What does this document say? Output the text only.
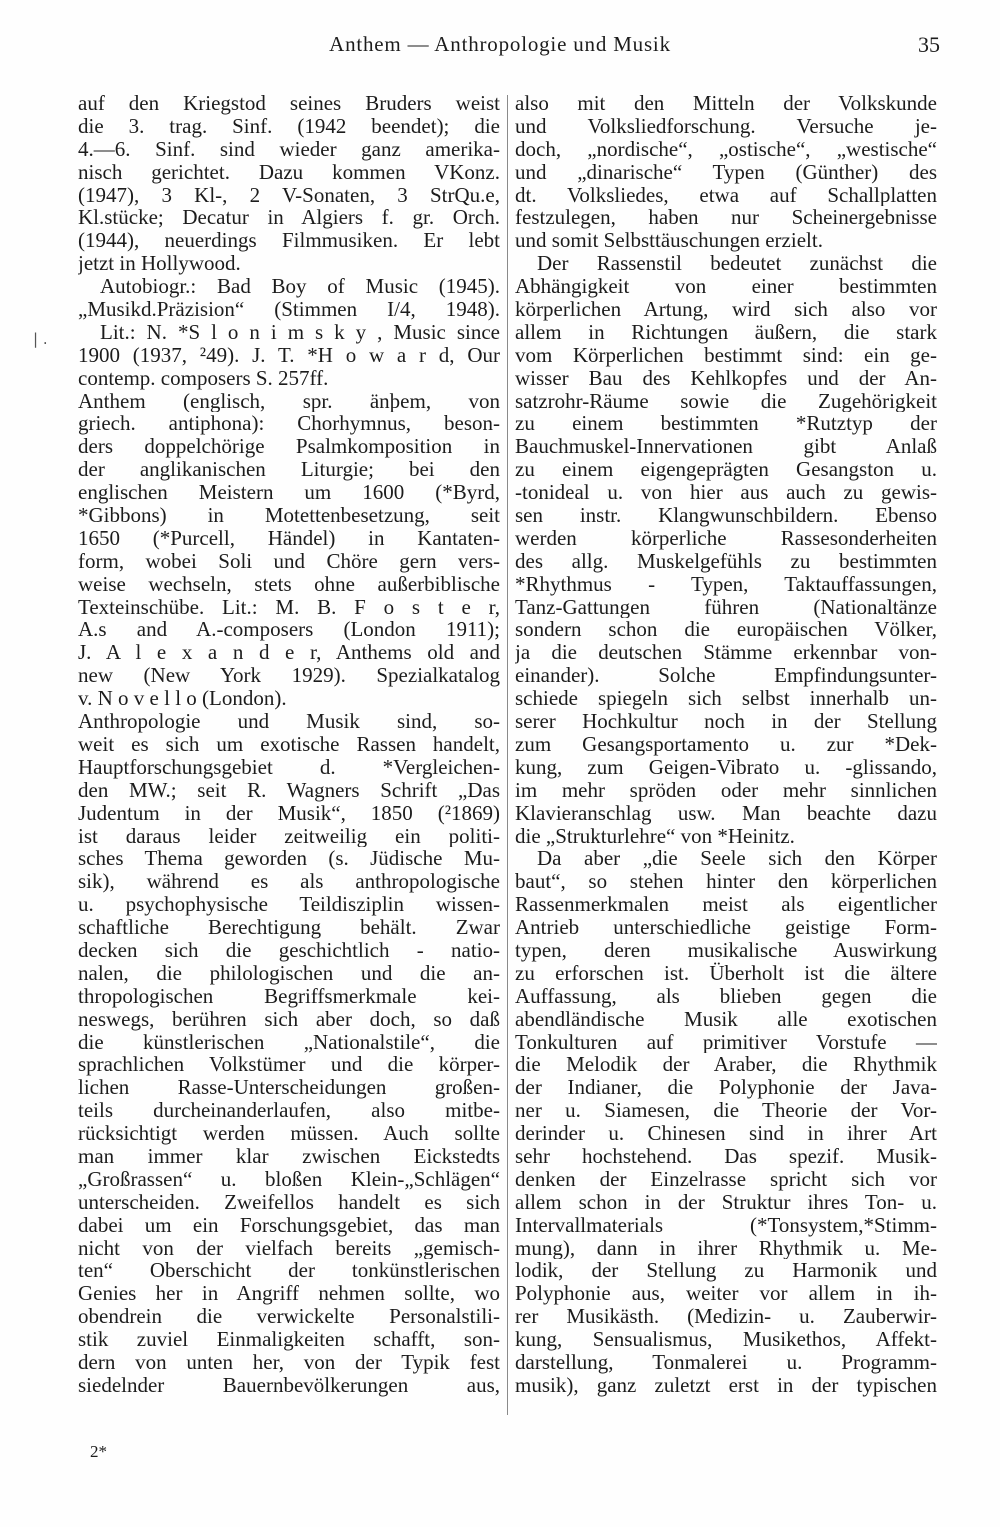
Anthem — Anthropologie und Musik	35
| .
auf den Kriegstod seines Bruders weist
die 3. trag. Sinf. (1942 beendet); die
4.—6. Sinf. sind wieder ganz amerika-
nisch gerichtet. Dazu kommen VKonz.
(1947), 3 Kl-, 2 V-Sonaten, 3 StrQu.e,
Kl.stücke; Decatur in Algiers f. gr. Orch.
(1944), neuerdings Filmmusiken. Er lebt
jetzt in Hollywood.
Autobiogr.: Bad Boy of Music (1945).
„Musikd.Präzision“ (Stimmen I/4, 1948).
Lit.: N. *S l o n i m s k y , Music since
1900 (1937, ²49). J. T. *H o w a r d, Our
contemp. composers S. 257ff.
Anthem (englisch, spr. änþem, von
griech. antiphona): Chorhymnus, beson-
ders doppelchörige Psalmkomposition in
der anglikanischen Liturgie; bei den
englischen Meistern um 1600 (*Byrd,
*Gibbons) in Motettenbesetzung, seit
1650 (*Purcell, Händel) in Kantaten-
form, wobei Soli und Chöre gern vers-
weise wechseln, stets ohne außerbiblische
Texteinschübe. Lit.: M. B. F o s t e r,
A.s and A.-composers (London 1911);
J. A l e x a n d e r, Anthems old and
new (New York 1929). Spezialkatalog
v. N o v e l l o (London).
Anthropologie und Musik sind, so-
weit es sich um exotische Rassen handelt,
Hauptforschungsgebiet d. *Vergleichen-
den MW.; seit R. Wagners Schrift „Das
Judentum in der Musik“, 1850 (²1869)
ist daraus leider zeitweilig ein politi-
sches Thema geworden (s. Jüdische Mu-
sik), während es als anthropologische
u. psychophysische Teildisziplin wissen-
schaftliche Berechtigung behält. Zwar
decken sich die geschichtlich - natio-
nalen, die philologischen und die an-
thropologischen Begriffsmerkmale kei-
neswegs, berühren sich aber doch, so daß
die künstlerischen „Nationalstile“, die
sprachlichen Volkstümer und die körper-
lichen Rasse-Unterscheidungen großen-
teils durcheinanderlaufen, also mitbe-
rücksichtigt werden müssen. Auch sollte
man immer klar zwischen Eickstedts
„Großrassen“ u. bloßen Klein-„Schlägen“
unterscheiden. Zweifellos handelt es sich
dabei um ein Forschungsgebiet, das man
nicht von der vielfach bereits „gemisch-
ten“ Oberschicht der tonkünstlerischen
Genies her in Angriff nehmen sollte, wo
obendrein die verwickelte Personalstili-
stik zuviel Einmaligkeiten schafft, son-
dern von unten her, von der Typik fest
siedelnder Bauernbevölkerungen aus,
also mit den Mitteln der Volkskunde
und Volksliedforschung. Versuche je-
doch, „nordische“, „ostische“, „westische“
und „dinarische“ Typen (Günther) des
dt. Volksliedes, etwa auf Schallplatten
festzulegen, haben nur Scheinergebnisse
und somit Selbsttäuschungen erzielt.
Der Rassenstil bedeutet zunächst die
Abhängigkeit von einer bestimmten
körperlichen Artung, wird sich also vor
allem in Richtungen äußern, die stark
vom Körperlichen bestimmt sind: ein ge-
wisser Bau des Kehlkopfes und der An-
satzrohr-Räume sowie die Zugehörigkeit
zu einem bestimmten *Rutztyp der
Bauchmuskel-Innervationen gibt Anlaß
zu einem eigengeprägten Gesangston u.
-tonideal u. von hier aus auch zu gewis-
sen instr. Klangwunschbildern. Ebenso
werden körperliche Rassesonderheiten
des allg. Muskelgefühls zu bestimmten
*Rhythmus - Typen, Taktauffassungen,
Tanz-Gattungen führen (Nationaltänze
sondern schon die europäischen Völker,
ja die deutschen Stämme erkennbar von-
einander). Solche Empfindungsunter-
schiede spiegeln sich selbst innerhalb un-
serer Hochkultur noch in der Stellung
zum Gesangsportamento u. zur *Dek-
kung, zum Geigen-Vibrato u. -glissando,
im mehr spröden oder mehr sinnlichen
Klavieranschlag usw. Man beachte dazu
die „Strukturlehre“ von *Heinitz.
Da aber „die Seele sich den Körper
baut“, so stehen hinter den körperlichen
Rassenmerkmalen meist als eigentlicher
Antrieb unterschiedliche geistige Form-
typen, deren musikalische Auswirkung
zu erforschen ist. Überholt ist die ältere
Auffassung, als blieben gegen die
abendländische Musik alle exotischen
Tonkulturen auf primitiver Vorstufe —
die Melodik der Araber, die Rhythmik
der Indianer, die Polyphonie der Java-
ner u. Siamesen, die Theorie der Vor-
derinder u. Chinesen sind in ihrer Art
sehr hochstehend. Das spezif. Musik-
denken der Einzelrasse spricht sich vor
allem schon in der Struktur ihres Ton- u.
Intervallmaterials (*Tonsystem,*Stimm-
mung), dann in ihrer Rhythmik u. Me-
lodik, der Stellung zu Harmonik und
Polyphonie aus, weiter vor allem in ih-
rer Musikästh. (Medizin- u. Zauberwir-
kung, Sensualismus, Musikethos, Affekt-
darstellung, Tonmalerei u. Programm-
musik), ganz zuletzt erst in der typischen
2*
